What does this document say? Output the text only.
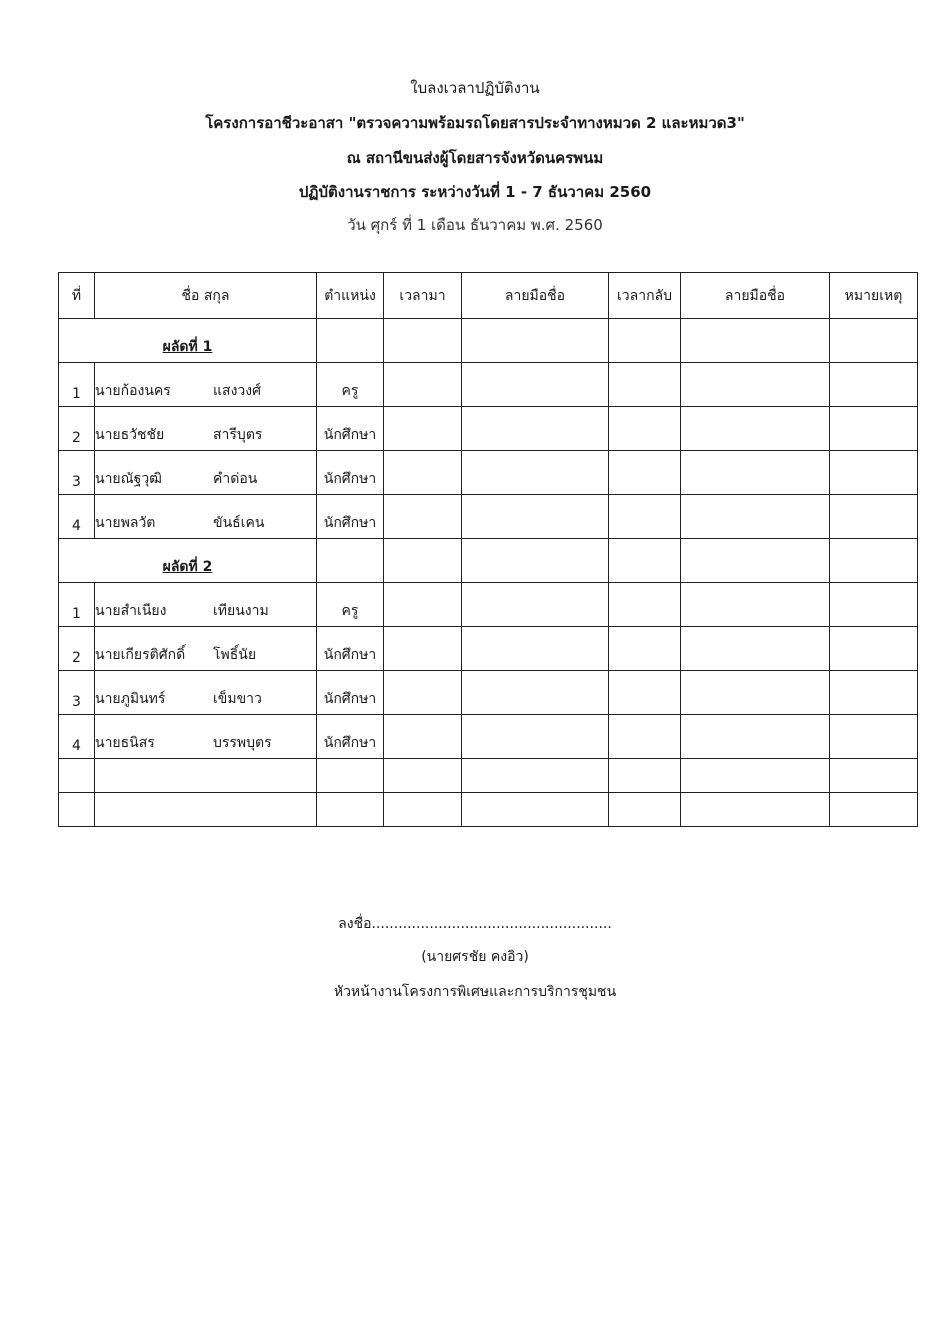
ใบลงเวลาปฏิบัติงาน
โครงการอาชีวะอาสา "ตรวจความพร้อมรถโดยสารประจำทางหมวด 2 และหมวด3"
ณ สถานีขนส่งผู้โดยสารจังหวัดนครพนม
ปฏิบัติงานราชการ ระหว่างวันที่ 1 - 7 ธันวาคม 2560
วัน ศุกร์ ที่ 1 เดือน ธันวาคม พ.ศ. 2560
ที่	ชื่อ สกุล	ตำแหน่ง	เวลามา	ลายมือชื่อ	เวลากลับ	ลายมือชื่อ	หมายเหตุ
ผลัดที่ 1							
1	นายก้องนคร แสงวงศ์	ครู					
2	นายธวัชชัย สารีบุตร	นักศึกษา					
3	นายณัฐวุฒิ คำด่อน	นักศึกษา					
4	นายพลวัต ขันธ์เคน	นักศึกษา					
ผลัดที่ 2							
1	นายสำเนียง เทียนงาม	ครู					
2	นายเกียรติศักดิ์ โพธิ์นัย	นักศึกษา					
3	นายภูมินทร์ เข็มขาว	นักศึกษา					
4	นายธนิสร บรรพบุตร	นักศึกษา					

ลงชื่อ......................................................
(นายศรชัย คงอิว)
หัวหน้างานโครงการพิเศษและการบริการชุมชน
